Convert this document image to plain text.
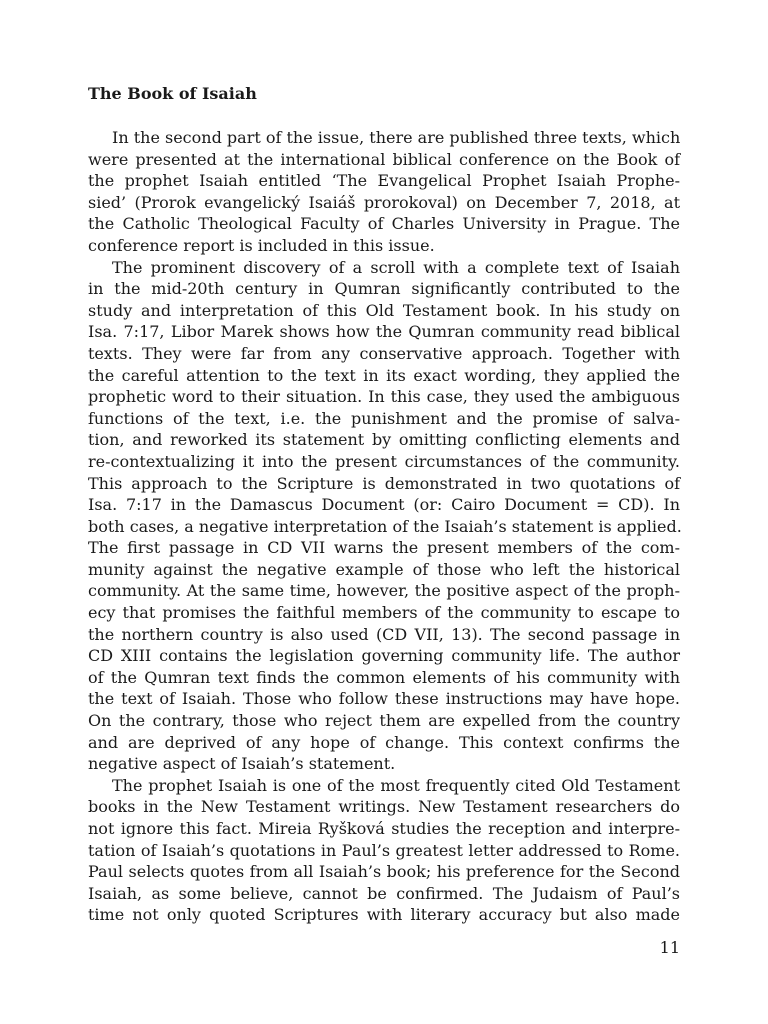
The Book of Isaiah

In the second part of the issue, there are published three texts, which
were presented at the international biblical conference on the Book of
the prophet Isaiah entitled ‘The Evangelical Prophet Isaiah Prophe-
sied’ (Prorok evangelický Isaiáš prorokoval) on December 7, 2018, at
the Catholic Theological Faculty of Charles University in Prague. The
conference report is included in this issue.

The prominent discovery of a scroll with a complete text of Isaiah
in the mid-20th century in Qumran significantly contributed to the
study and interpretation of this Old Testament book. In his study on
Isa. 7:17, Libor Marek shows how the Qumran community read biblical
texts. They were far from any conservative approach. Together with
the careful attention to the text in its exact wording, they applied the
prophetic word to their situation. In this case, they used the ambiguous
functions of the text, i.e. the punishment and the promise of salva-
tion, and reworked its statement by omitting conflicting elements and
re-contextualizing it into the present circumstances of the community.
This approach to the Scripture is demonstrated in two quotations of
Isa. 7:17 in the Damascus Document (or: Cairo Document = CD). In
both cases, a negative interpretation of the Isaiah’s statement is applied.
The first passage in CD VII warns the present members of the com-
munity against the negative example of those who left the historical
community. At the same time, however, the positive aspect of the proph-
ecy that promises the faithful members of the community to escape to
the northern country is also used (CD VII, 13). The second passage in
CD XIII contains the legislation governing community life. The author
of the Qumran text finds the common elements of his community with
the text of Isaiah. Those who follow these instructions may have hope.
On the contrary, those who reject them are expelled from the country
and are deprived of any hope of change. This context confirms the
negative aspect of Isaiah’s statement.

The prophet Isaiah is one of the most frequently cited Old Testament
books in the New Testament writings. New Testament researchers do
not ignore this fact. Mireia Ryšková studies the reception and interpre-
tation of Isaiah’s quotations in Paul’s greatest letter addressed to Rome.
Paul selects quotes from all Isaiah’s book; his preference for the Second
Isaiah, as some believe, cannot be confirmed. The Judaism of Paul’s
time not only quoted Scriptures with literary accuracy but also made

11
